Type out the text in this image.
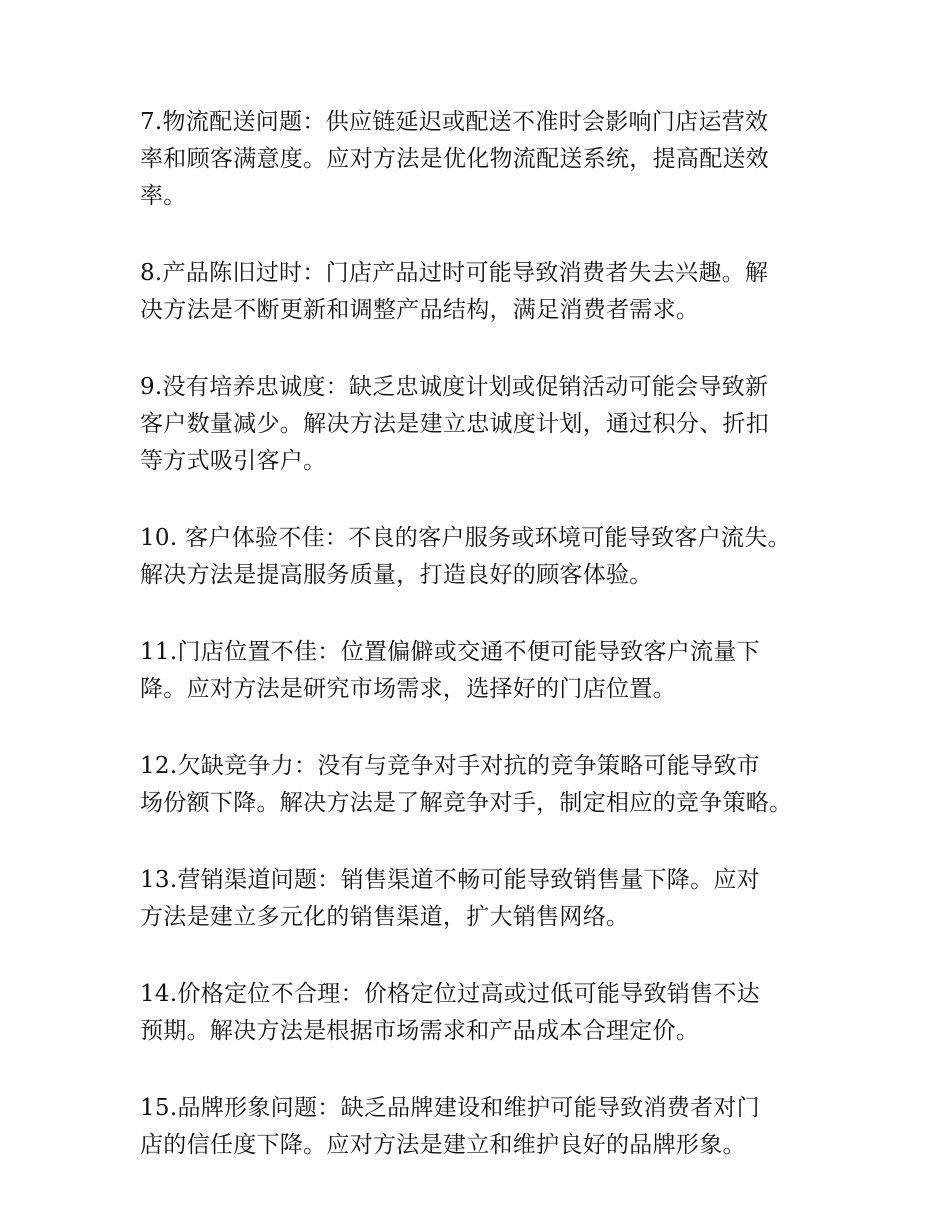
7.物流配送问题：供应链延迟或配送不准时会影响门店运营效
率和顾客满意度。应对方法是优化物流配送系统，提高配送效
率。

8.产品陈旧过时：门店产品过时可能导致消费者失去兴趣。解
决方法是不断更新和调整产品结构，满足消费者需求。

9.没有培养忠诚度：缺乏忠诚度计划或促销活动可能会导致新
客户数量减少。解决方法是建立忠诚度计划，通过积分、折扣
等方式吸引客户。

10. 客户体验不佳：不良的客户服务或环境可能导致客户流失。
解决方法是提高服务质量，打造良好的顾客体验。

11.门店位置不佳：位置偏僻或交通不便可能导致客户流量下
降。应对方法是研究市场需求，选择好的门店位置。

12.欠缺竞争力：没有与竞争对手对抗的竞争策略可能导致市
场份额下降。解决方法是了解竞争对手，制定相应的竞争策略。

13.营销渠道问题：销售渠道不畅可能导致销售量下降。应对
方法是建立多元化的销售渠道，扩大销售网络。

14.价格定位不合理：价格定位过高或过低可能导致销售不达
预期。解决方法是根据市场需求和产品成本合理定价。

15.品牌形象问题：缺乏品牌建设和维护可能导致消费者对门
店的信任度下降。应对方法是建立和维护良好的品牌形象。
